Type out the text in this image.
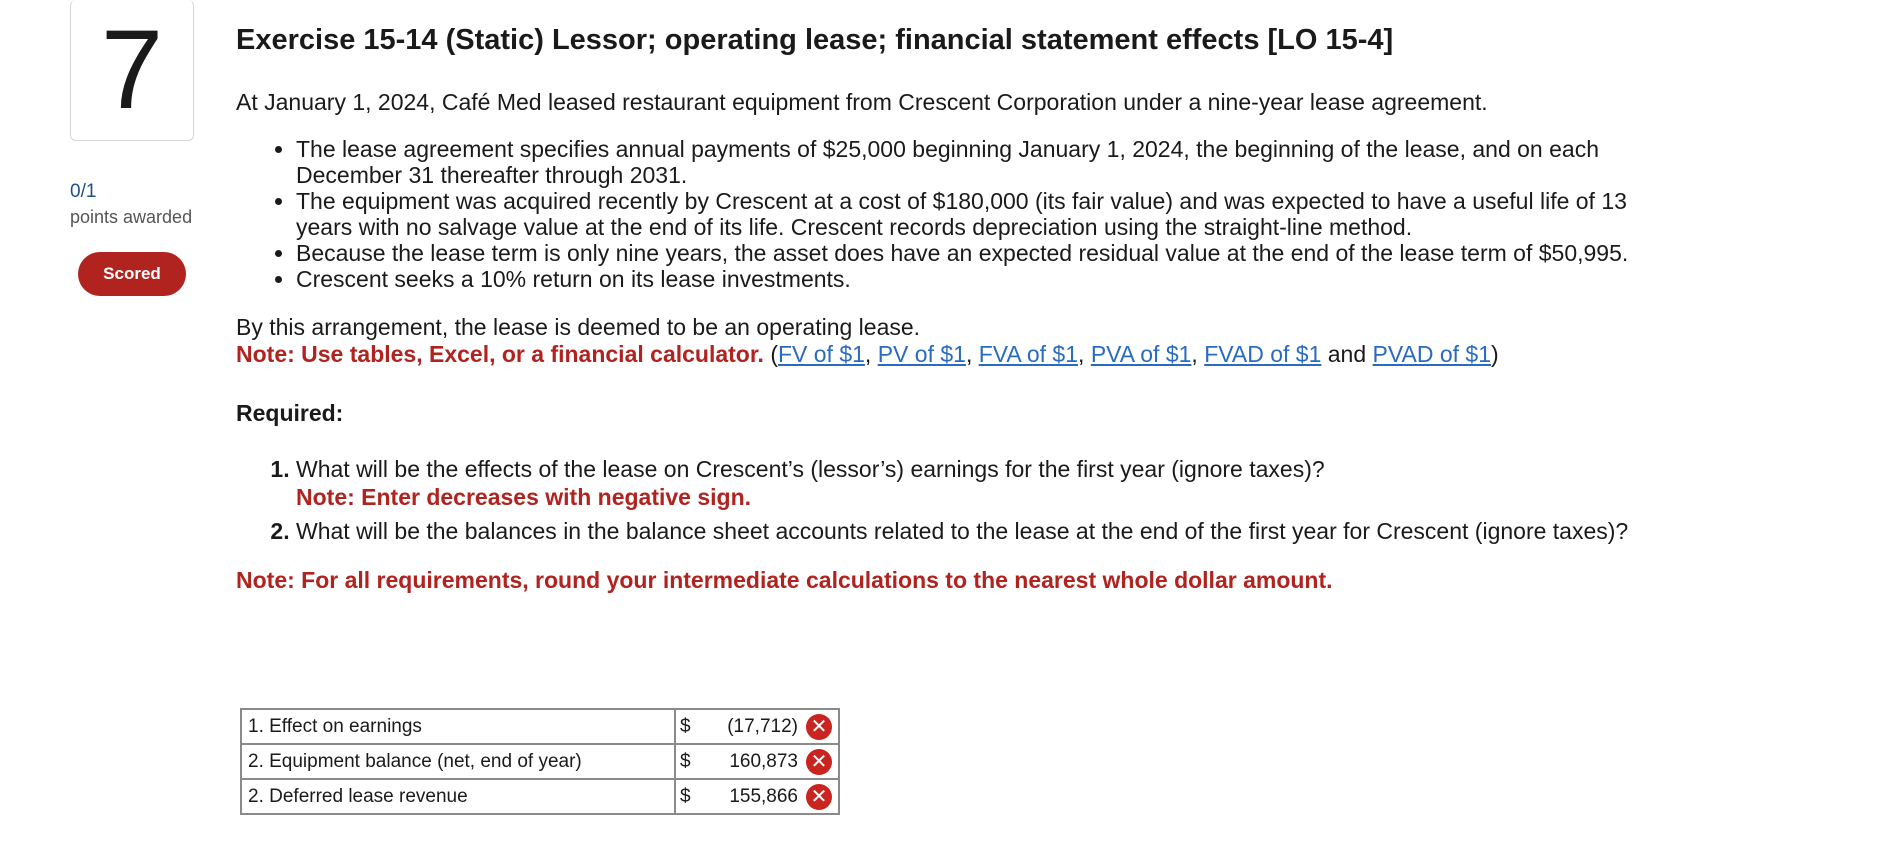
7
0/1
points awarded
Scored
Exercise 15-14 (Static) Lessor; operating lease; financial statement effects [LO 15-4]
At January 1, 2024, Café Med leased restaurant equipment from Crescent Corporation under a nine-year lease agreement.
• The lease agreement specifies annual payments of $25,000 beginning January 1, 2024, the beginning of the lease, and on each December 31 thereafter through 2031.
• The equipment was acquired recently by Crescent at a cost of $180,000 (its fair value) and was expected to have a useful life of 13 years with no salvage value at the end of its life. Crescent records depreciation using the straight-line method.
• Because the lease term is only nine years, the asset does have an expected residual value at the end of the lease term of $50,995.
• Crescent seeks a 10% return on its lease investments.
By this arrangement, the lease is deemed to be an operating lease.
Note: Use tables, Excel, or a financial calculator. (FV of $1, PV of $1, FVA of $1, PVA of $1, FVAD of $1 and PVAD of $1)
Required:
1. What will be the effects of the lease on Crescent’s (lessor’s) earnings for the first year (ignore taxes)?
Note: Enter decreases with negative sign.
2. What will be the balances in the balance sheet accounts related to the lease at the end of the first year for Crescent (ignore taxes)?
Note: For all requirements, round your intermediate calculations to the nearest whole dollar amount.
1. Effect on earnings	$ (17,712) ✕

2. Equipment balance (net, end of year)	$ 160,873 ✕

2. Deferred lease revenue	$ 155,866 ✕
